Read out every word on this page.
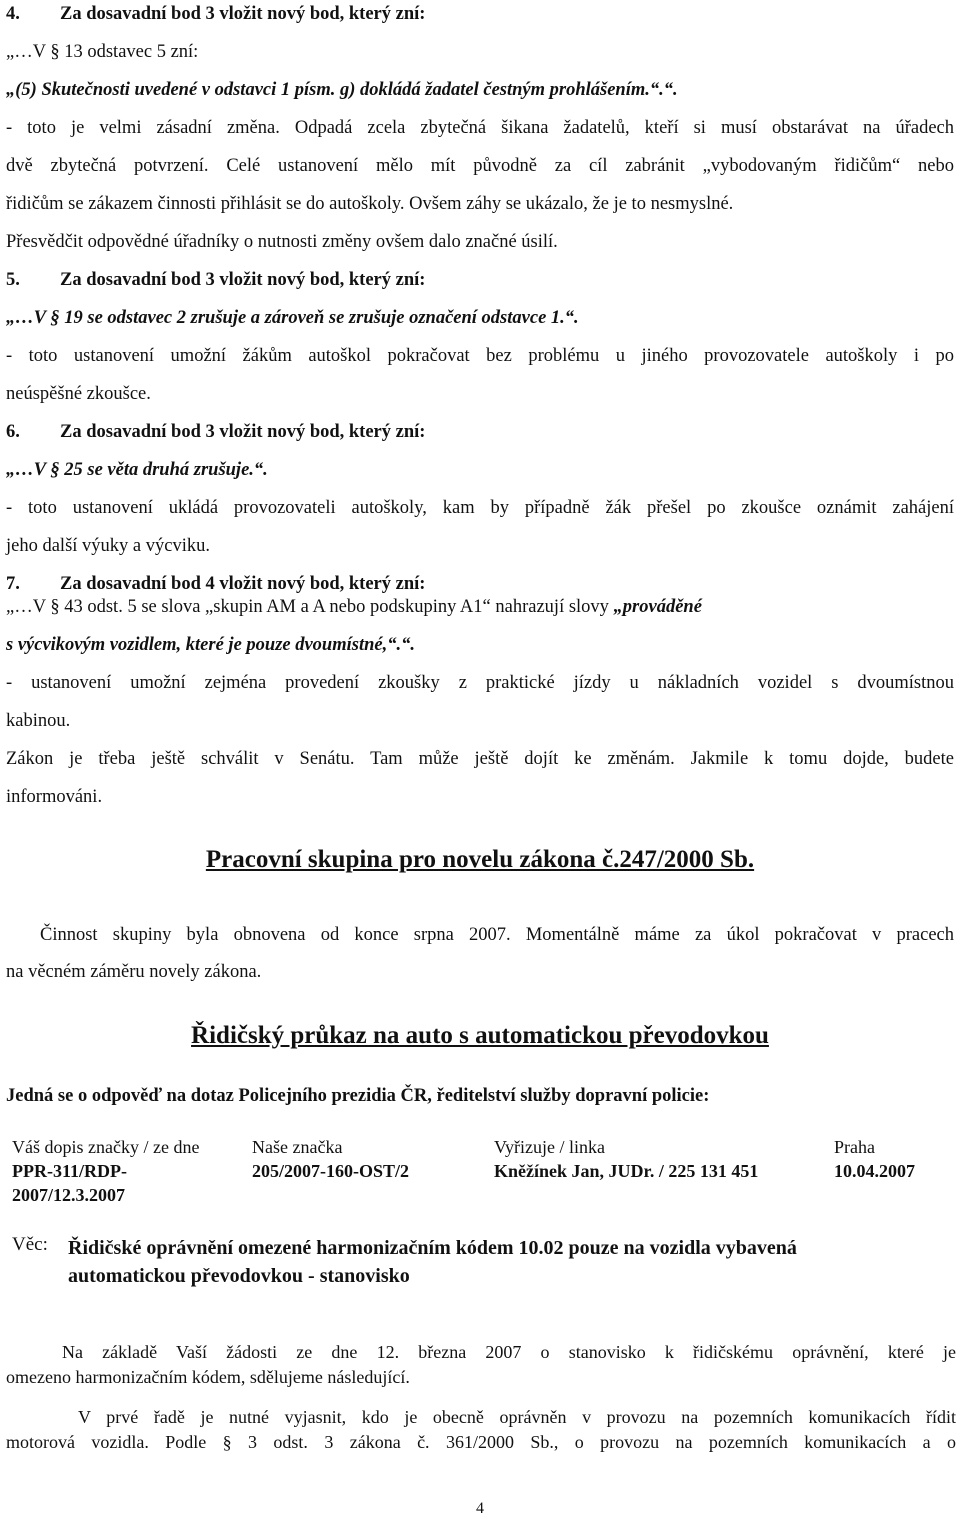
4. Za dosavadní bod 3 vložit nový bod, který zní:

„…V § 13 odstavec 5 zní:

„(5) Skutečnosti uvedené v odstavci 1 písm. g) dokládá žadatel čestným prohlášením.“.“.

- toto je velmi zásadní změna. Odpadá zcela zbytečná šikana žadatelů, kteří si musí obstarávat na úřadech

dvě zbytečná potvrzení. Celé ustanovení mělo mít původně za cíl zabránit „vybodovaným řidičům“ nebo

řidičům se zákazem činnosti přihlásit se do autoškoly. Ovšem záhy se ukázalo, že je to nesmyslné.

Přesvědčit odpovědné úřadníky o nutnosti změny ovšem dalo značné úsilí.

5. Za dosavadní bod 3 vložit nový bod, který zní:

„…V § 19 se odstavec 2 zrušuje a zároveň se zrušuje označení odstavce 1.“.

- toto ustanovení umožní žákům autoškol pokračovat bez problému u jiného provozovatele autoškoly i po

neúspěšné zkoušce.

6. Za dosavadní bod 3 vložit nový bod, který zní:

„…V § 25 se věta druhá zrušuje.“.

- toto ustanovení ukládá provozovateli autoškoly, kam by případně žák přešel po zkoušce oznámit zahájení

jeho další výuky a výcviku.

7. Za dosavadní bod 4 vložit nový bod, který zní:

„…V § 43 odst. 5 se slova „skupin AM a A nebo podskupiny A1“ nahrazují slovy „prováděné

s výcvikovým vozidlem, které je pouze dvoumístné,“.“.

- ustanovení umožní zejména provedení zkoušky z praktické jízdy u nákladních vozidel s dvoumístnou

kabinou.

Zákon je třeba ještě schválit v Senátu. Tam může ještě dojít ke změnám. Jakmile k tomu dojde, budete

informováni.

Pracovní skupina pro novelu zákona č.247/2000 Sb.

Činnost skupiny byla obnovena od konce srpna 2007. Momentálně máme za úkol pokračovat v pracech

na věcném záměru novely zákona.

Řidičský průkaz na auto s automatickou převodovkou

Jedná se o odpověď na dotaz Policejního prezidia ČR, ředitelství služby dopravní policie:

Váš dopis značky / ze dne	Naše značka	Vyřizuje / linka	Praha
PPR-311/RDP-	205/2007-160-OST/2	Kněžínek Jan, JUDr. / 225 131 451	10.04.2007
2007/12.3.2007
Věc: Řidičské oprávnění omezené harmonizačním kódem 10.02 pouze na vozidla vybavená
automatickou převodovkou - stanovisko

Na základě Vaší žádosti ze dne 12. března 2007 o stanovisko k řidičskému oprávnění, které je

omezeno harmonizačním kódem, sdělujeme následující.

V prvé řadě je nutné vyjasnit, kdo je obecně oprávněn v provozu na pozemních komunikacích řídit

motorová vozidla. Podle § 3 odst. 3 zákona č. 361/2000 Sb., o provozu na pozemních komunikacích a o

4
